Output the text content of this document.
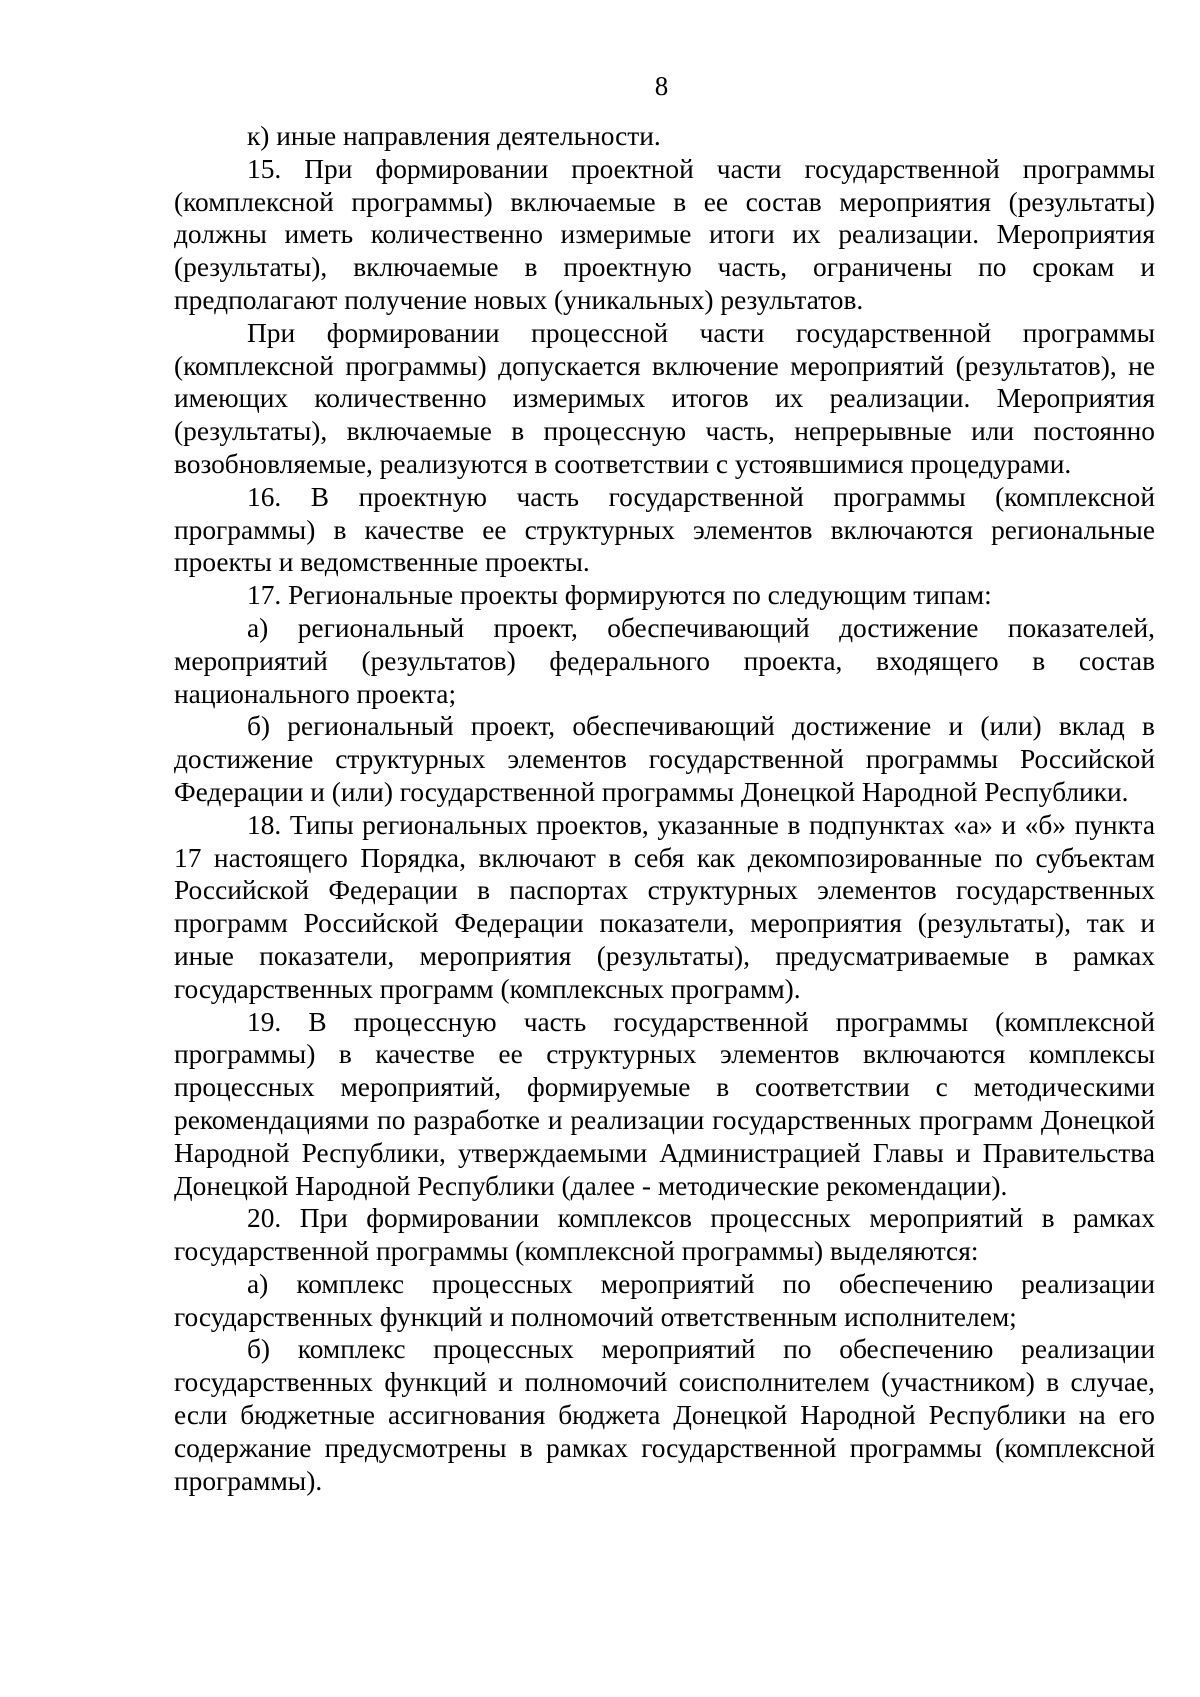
8

к) иные направления деятельности.

15. При формировании проектной части государственной программы (комплексной программы) включаемые в ее состав мероприятия (результаты) должны иметь количественно измеримые итоги их реализации. Мероприятия (результаты), включаемые в проектную часть, ограничены по срокам и предполагают получение новых (уникальных) результатов.

При формировании процессной части государственной программы (комплексной программы) допускается включение мероприятий (результатов), не имеющих количественно измеримых итогов их реализации. Мероприятия (результаты), включаемые в процессную часть, непрерывные или постоянно возобновляемые, реализуются в соответствии с устоявшимися процедурами.

16. В проектную часть государственной программы (комплексной программы) в качестве ее структурных элементов включаются региональные проекты и ведомственные проекты.

17. Региональные проекты формируются по следующим типам:

а) региональный проект, обеспечивающий достижение показателей, мероприятий (результатов) федерального проекта, входящего в состав национального проекта;

б) региональный проект, обеспечивающий достижение и (или) вклад в достижение структурных элементов государственной программы Российской Федерации и (или) государственной программы Донецкой Народной Республики.

18. Типы региональных проектов, указанные в подпунктах «а» и «б» пункта 17 настоящего Порядка, включают в себя как декомпозированные по субъектам Российской Федерации в паспортах структурных элементов государственных программ Российской Федерации показатели, мероприятия (результаты), так и иные показатели, мероприятия (результаты), предусматриваемые в рамках государственных программ (комплексных программ).

19. В процессную часть государственной программы (комплексной программы) в качестве ее структурных элементов включаются комплексы процессных мероприятий, формируемые в соответствии с методическими рекомендациями по разработке и реализации государственных программ Донецкой Народной Республики, утверждаемыми Администрацией Главы и Правительства Донецкой Народной Республики (далее - методические рекомендации).

20. При формировании комплексов процессных мероприятий в рамках государственной программы (комплексной программы) выделяются:

а) комплекс процессных мероприятий по обеспечению реализации государственных функций и полномочий ответственным исполнителем;

б) комплекс процессных мероприятий по обеспечению реализации государственных функций и полномочий соисполнителем (участником) в случае, если бюджетные ассигнования бюджета Донецкой Народной Республики на его содержание предусмотрены в рамках государственной программы (комплексной программы).
